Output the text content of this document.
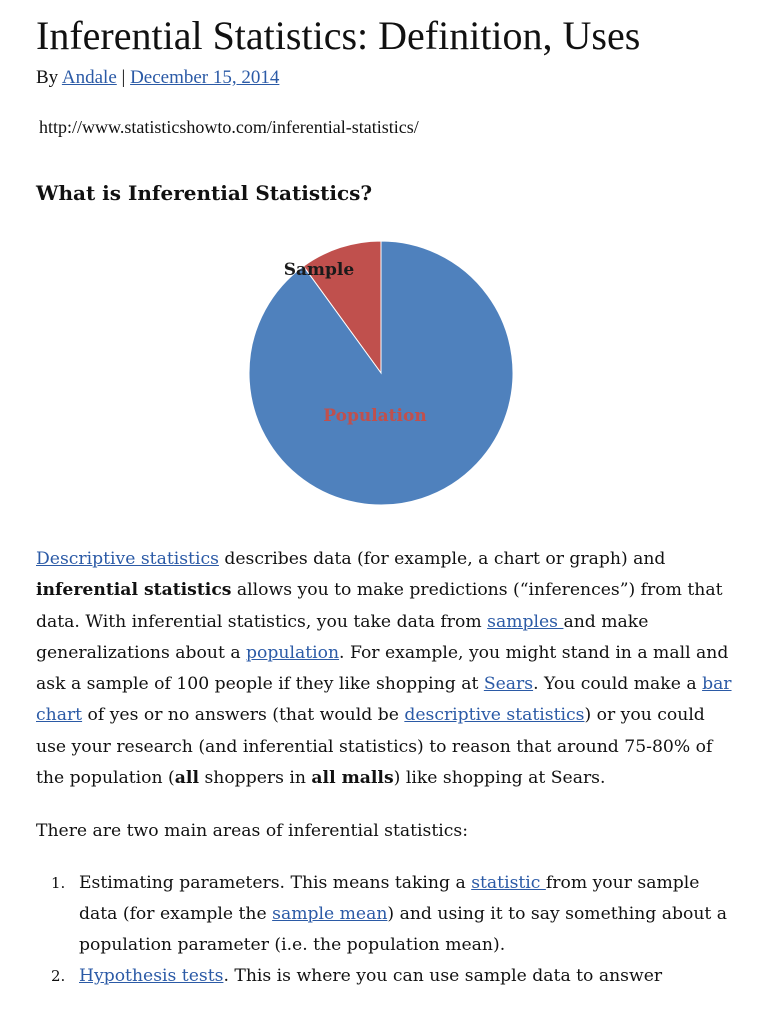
Inferential Statistics: Definition, Uses
By Andale | December 15, 2014
http://www.statisticshowto.com/inferential-statistics/
What is Inferential Statistics?
Sample
Population

Descriptive statistics describes data (for example, a chart or graph) and inferential statistics allows you to make predictions (“inferences”) from that data. With inferential statistics, you take data from samples and make generalizations about a population. For example, you might stand in a mall and ask a sample of 100 people if they like shopping at Sears. You could make a bar chart of yes or no answers (that would be descriptive statistics) or you could use your research (and inferential statistics) to reason that around 75-80% of the population (all shoppers in all malls) like shopping at Sears.

There are two main areas of inferential statistics:

1. Estimating parameters. This means taking a statistic from your sample data (for example the sample mean) and using it to say something about a population parameter (i.e. the population mean).
2. Hypothesis tests. This is where you can use sample data to answer
